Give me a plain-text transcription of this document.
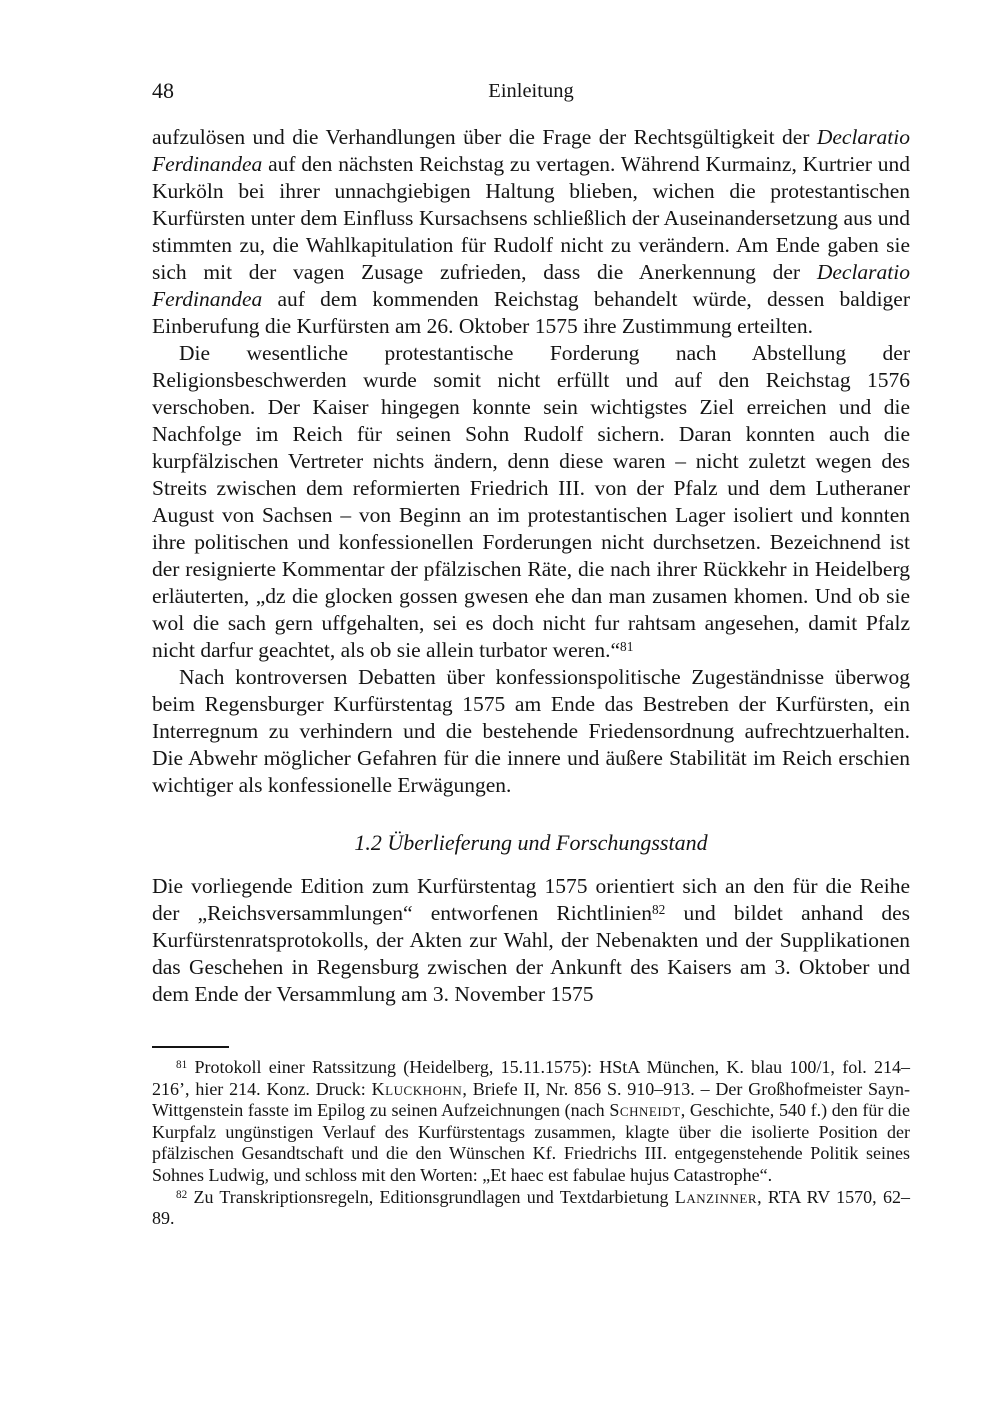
48	Einleitung

aufzulösen und die Verhandlungen über die Frage der Rechtsgültigkeit der Declaratio Ferdinandea auf den nächsten Reichstag zu vertagen. Während Kurmainz, Kurtrier und Kurköln bei ihrer unnachgiebigen Haltung blieben, wichen die protestantischen Kurfürsten unter dem Einfluss Kursachsens schließlich der Auseinandersetzung aus und stimmten zu, die Wahlkapitulation für Rudolf nicht zu verändern. Am Ende gaben sie sich mit der vagen Zusage zufrieden, dass die Anerkennung der Declaratio Ferdinandea auf dem kommenden Reichstag behandelt würde, dessen baldiger Einberufung die Kurfürsten am 26. Oktober 1575 ihre Zustimmung erteilten.

Die wesentliche protestantische Forderung nach Abstellung der Religionsbeschwerden wurde somit nicht erfüllt und auf den Reichstag 1576 verschoben. Der Kaiser hingegen konnte sein wichtigstes Ziel erreichen und die Nachfolge im Reich für seinen Sohn Rudolf sichern. Daran konnten auch die kurpfälzischen Vertreter nichts ändern, denn diese waren – nicht zuletzt wegen des Streits zwischen dem reformierten Friedrich III. von der Pfalz und dem Lutheraner August von Sachsen – von Beginn an im protestantischen Lager isoliert und konnten ihre politischen und konfessionellen Forderungen nicht durchsetzen. Bezeichnend ist der resignierte Kommentar der pfälzischen Räte, die nach ihrer Rückkehr in Heidelberg erläuterten, „dz die glocken gossen gwesen ehe dan man zusamen khomen. Und ob sie wol die sach gern uffgehalten, sei es doch nicht fur rahtsam angesehen, damit Pfalz nicht darfur geachtet, als ob sie allein turbator weren.“$^{81}$

Nach kontroversen Debatten über konfessionspolitische Zugeständnisse überwog beim Regensburger Kurfürstentag 1575 am Ende das Bestreben der Kurfürsten, ein Interregnum zu verhindern und die bestehende Friedensordnung aufrechtzuerhalten. Die Abwehr möglicher Gefahren für die innere und äußere Stabilität im Reich erschien wichtiger als konfessionelle Erwägungen.

1.2 Überlieferung und Forschungsstand

Die vorliegende Edition zum Kurfürstentag 1575 orientiert sich an den für die Reihe der „Reichsversammlungen“ entworfenen Richtlinien$^{82}$ und bildet anhand des Kurfürstenratsprotokolls, der Akten zur Wahl, der Nebenakten und der Supplikationen das Geschehen in Regensburg zwischen der Ankunft des Kaisers am 3. Oktober und dem Ende der Versammlung am 3. November 1575

$^{81}$ Protokoll einer Ratssitzung (Heidelberg, 15.11.1575): HStA München, K. blau 100/1, fol. 214–216’, hier 214. Konz. Druck: Kluckhohn, Briefe II, Nr. 856 S. 910–913. – Der Großhofmeister Sayn-Wittgenstein fasste im Epilog zu seinen Aufzeichnungen (nach Schneidt, Geschichte, 540 f.) den für die Kurpfalz ungünstigen Verlauf des Kurfürstentags zusammen, klagte über die isolierte Position der pfälzischen Gesandtschaft und die den Wünschen Kf. Friedrichs III. entgegenstehende Politik seines Sohnes Ludwig, und schloss mit den Worten: „Et haec est fabulae hujus Catastrophe“.

$^{82}$ Zu Transkriptionsregeln, Editionsgrundlagen und Textdarbietung Lanzinner, RTA RV 1570, 62–89.
